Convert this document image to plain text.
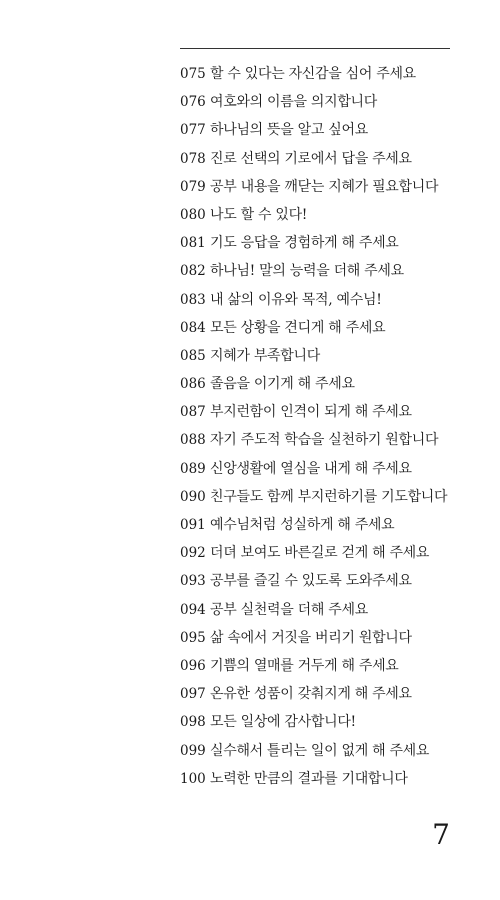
075 할 수 있다는 자신감을 심어 주세요
076 여호와의 이름을 의지합니다
077 하나님의 뜻을 알고 싶어요
078 진로 선택의 기로에서 답을 주세요
079 공부 내용을 깨닫는 지혜가 필요합니다
080 나도 할 수 있다!
081 기도 응답을 경험하게 해 주세요
082 하나님! 말의 능력을 더해 주세요
083 내 삶의 이유와 목적, 예수님!
084 모든 상황을 견디게 해 주세요
085 지혜가 부족합니다
086 졸음을 이기게 해 주세요
087 부지런함이 인격이 되게 해 주세요
088 자기 주도적 학습을 실천하기 원합니다
089 신앙생활에 열심을 내게 해 주세요
090 친구들도 함께 부지런하기를 기도합니다
091 예수님처럼 성실하게 해 주세요
092 더뎌 보여도 바른길로 걷게 해 주세요
093 공부를 즐길 수 있도록 도와주세요
094 공부 실천력을 더해 주세요
095 삶 속에서 거짓을 버리기 원합니다
096 기쁨의 열매를 거두게 해 주세요
097 온유한 성품이 갖춰지게 해 주세요
098 모든 일상에 감사합니다!
099 실수해서 틀리는 일이 없게 해 주세요
100 노력한 만큼의 결과를 기대합니다
7
